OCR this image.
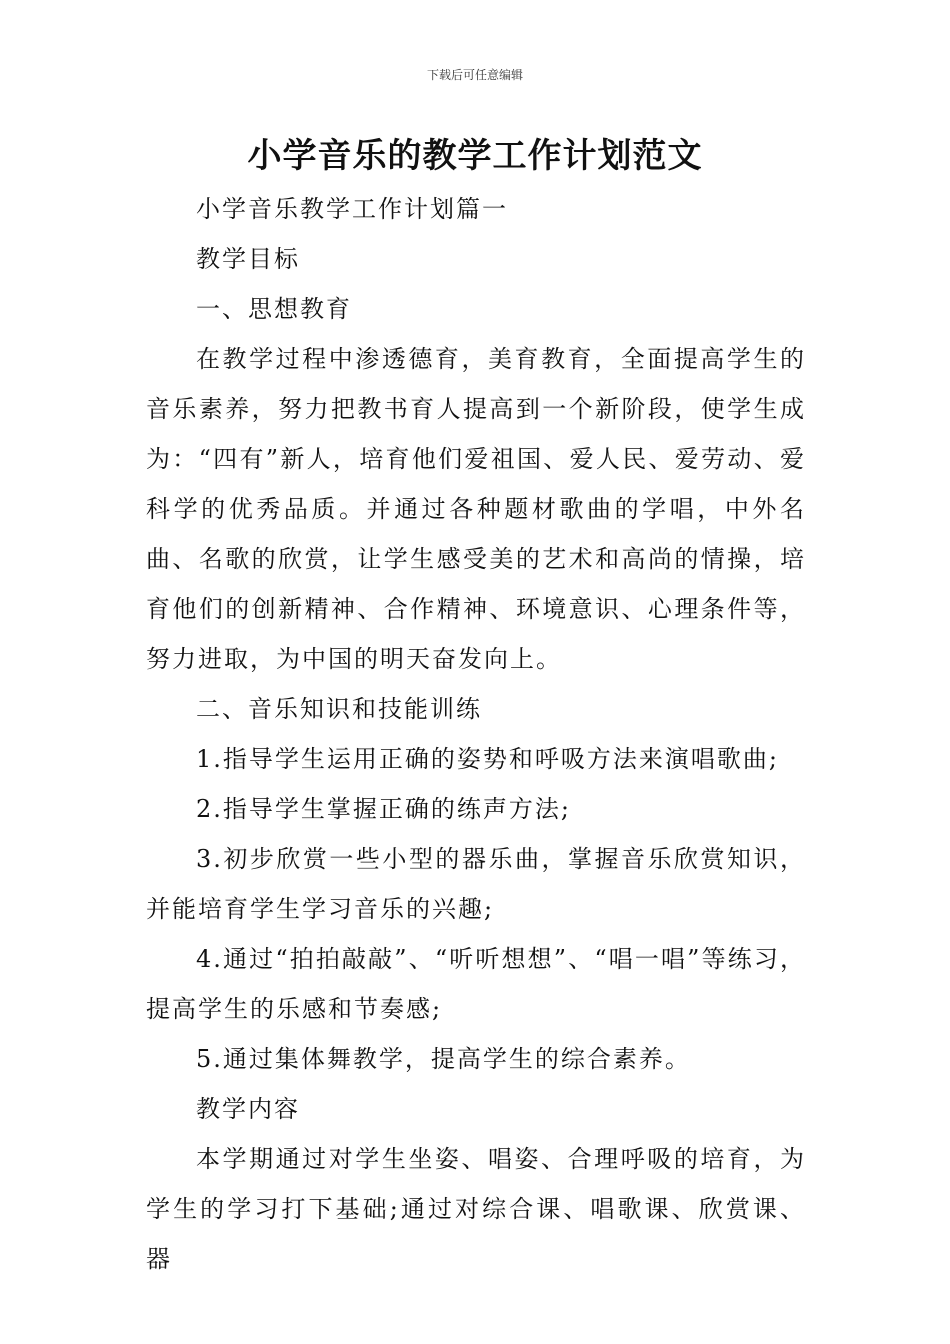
下载后可任意编辑
小学音乐的教学工作计划范文

小学音乐教学工作计划篇一

教学目标

一、思想教育

在教学过程中渗透德育，美育教育，全面提高学生的音乐素养，努力把教书育人提高到一个新阶段，使学生成为：“四有”新人，培育他们爱祖国、爱人民、爱劳动、爱科学的优秀品质。并通过各种题材歌曲的学唱，中外名曲、名歌的欣赏，让学生感受美的艺术和高尚的情操，培育他们的创新精神、合作精神、环境意识、心理条件等，努力进取，为中国的明天奋发向上。

二、音乐知识和技能训练

1.指导学生运用正确的姿势和呼吸方法来演唱歌曲;

2.指导学生掌握正确的练声方法;

3.初步欣赏一些小型的器乐曲，掌握音乐欣赏知识，并能培育学生学习音乐的兴趣;

4.通过“拍拍敲敲”、“听听想想”、“唱一唱”等练习，提高学生的乐感和节奏感;

5.通过集体舞教学，提高学生的综合素养。

教学内容

本学期通过对学生坐姿、唱姿、合理呼吸的培育，为学生的学习打下基础;通过对综合课、唱歌课、欣赏课、器
